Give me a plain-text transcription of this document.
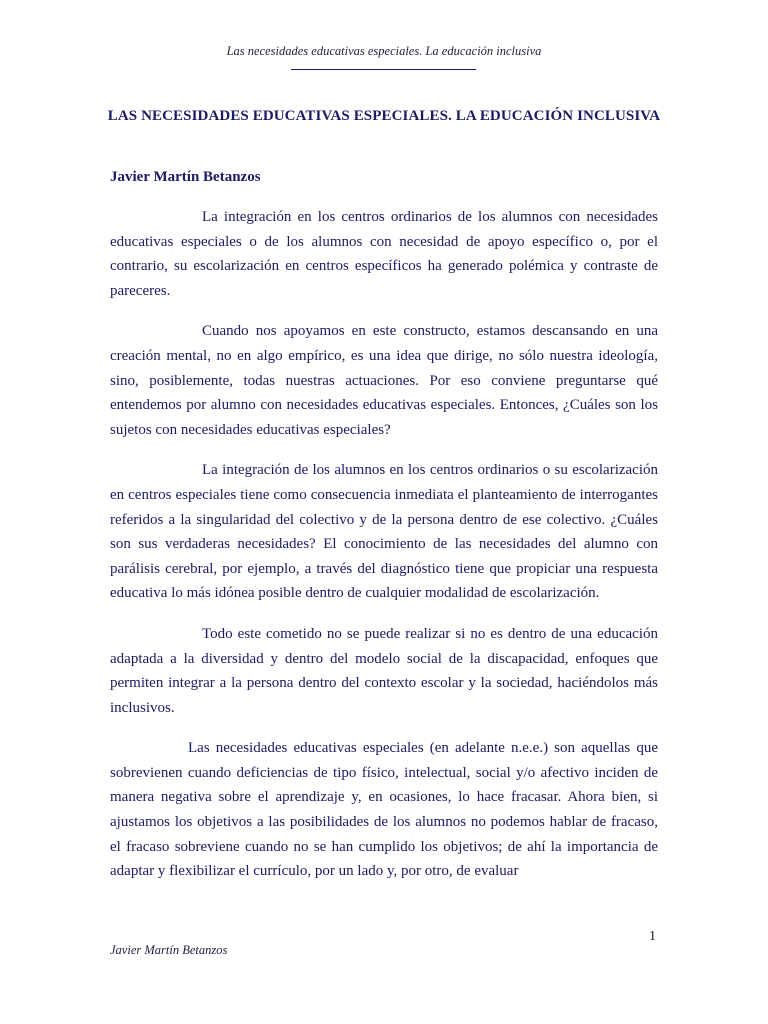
Las necesidades educativas especiales. La educación inclusiva
LAS NECESIDADES EDUCATIVAS ESPECIALES. LA EDUCACIÓN INCLUSIVA

Javier Martín Betanzos

La integración en los centros ordinarios de los alumnos con necesidades educativas especiales o de los alumnos con necesidad de apoyo específico o, por el contrario, su escolarización en centros específicos ha generado polémica y contraste de pareceres.

Cuando nos apoyamos en este constructo, estamos descansando en una creación mental, no en algo empírico, es una idea que dirige, no sólo nuestra ideología, sino, posiblemente, todas nuestras actuaciones. Por eso conviene preguntarse qué entendemos por alumno con necesidades educativas especiales. Entonces, ¿Cuáles son los sujetos con necesidades educativas especiales?

La integración de los alumnos en los centros ordinarios o su escolarización en centros especiales tiene como consecuencia inmediata el planteamiento de interrogantes referidos a la singularidad del colectivo y de la persona dentro de ese colectivo. ¿Cuáles son sus verdaderas necesidades? El conocimiento de las necesidades del alumno con parálisis cerebral, por ejemplo, a través del diagnóstico tiene que propiciar una respuesta educativa lo más idónea posible dentro de cualquier modalidad de escolarización.

Todo este cometido no se puede realizar si no es dentro de una educación adaptada a la diversidad y dentro del modelo social de la discapacidad, enfoques que permiten integrar a la persona dentro del contexto escolar y la sociedad, haciéndolos más inclusivos.

Las necesidades educativas especiales (en adelante n.e.e.) son aquellas que sobrevienen cuando deficiencias de tipo físico, intelectual, social y/o afectivo inciden de manera negativa sobre el aprendizaje y, en ocasiones, lo hace fracasar. Ahora bien, si ajustamos los objetivos a las posibilidades de los alumnos no podemos hablar de fracaso, el fracaso sobreviene cuando no se han cumplido los objetivos; de ahí la importancia de adaptar y flexibilizar el currículo, por un lado y, por otro, de evaluar

1
Javier Martín Betanzos
